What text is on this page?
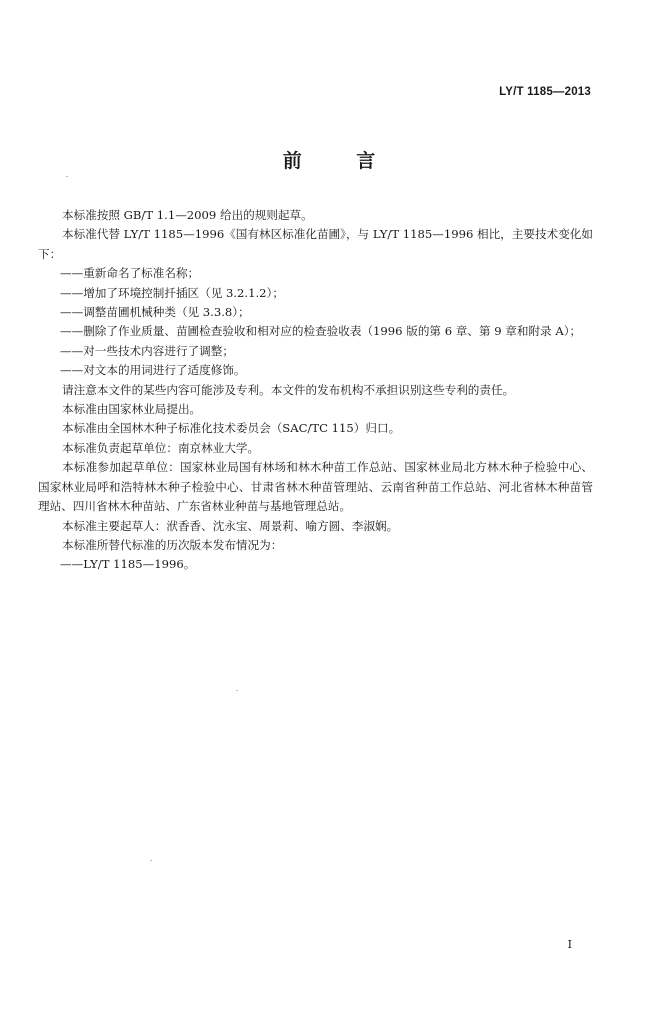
LY/T 1185—2013
前 言

本标准按照 GB/T 1.1—2009 给出的规则起草。

本标准代替 LY/T 1185—1996《国有林区标准化苗圃》，与 LY/T 1185—1996 相比，主要技术变化如下：

——重新命名了标准名称；

——增加了环境控制扦插区（见 3.2.1.2）；

——调整苗圃机械种类（见 3.3.8）；

——删除了作业质量、苗圃检查验收和相对应的检查验收表（1996 版的第 6 章、第 9 章和附录 A）；

——对一些技术内容进行了调整；

——对文本的用词进行了适度修饰。

请注意本文件的某些内容可能涉及专利。本文件的发布机构不承担识别这些专利的责任。

本标准由国家林业局提出。

本标准由全国林木种子标准化技术委员会（SAC/TC 115）归口。

本标准负责起草单位：南京林业大学。

本标准参加起草单位：国家林业局国有林场和林木种苗工作总站、国家林业局北方林木种子检验中心、国家林业局呼和浩特林木种子检验中心、甘肃省林木种苗管理站、云南省种苗工作总站、河北省林木种苗管理站、四川省林木种苗站、广东省林业种苗与基地管理总站。

本标准主要起草人：洑香香、沈永宝、周景莉、喻方圆、李淑娴。

本标准所替代标准的历次版本发布情况为：

——LY/T 1185—1996。

I
